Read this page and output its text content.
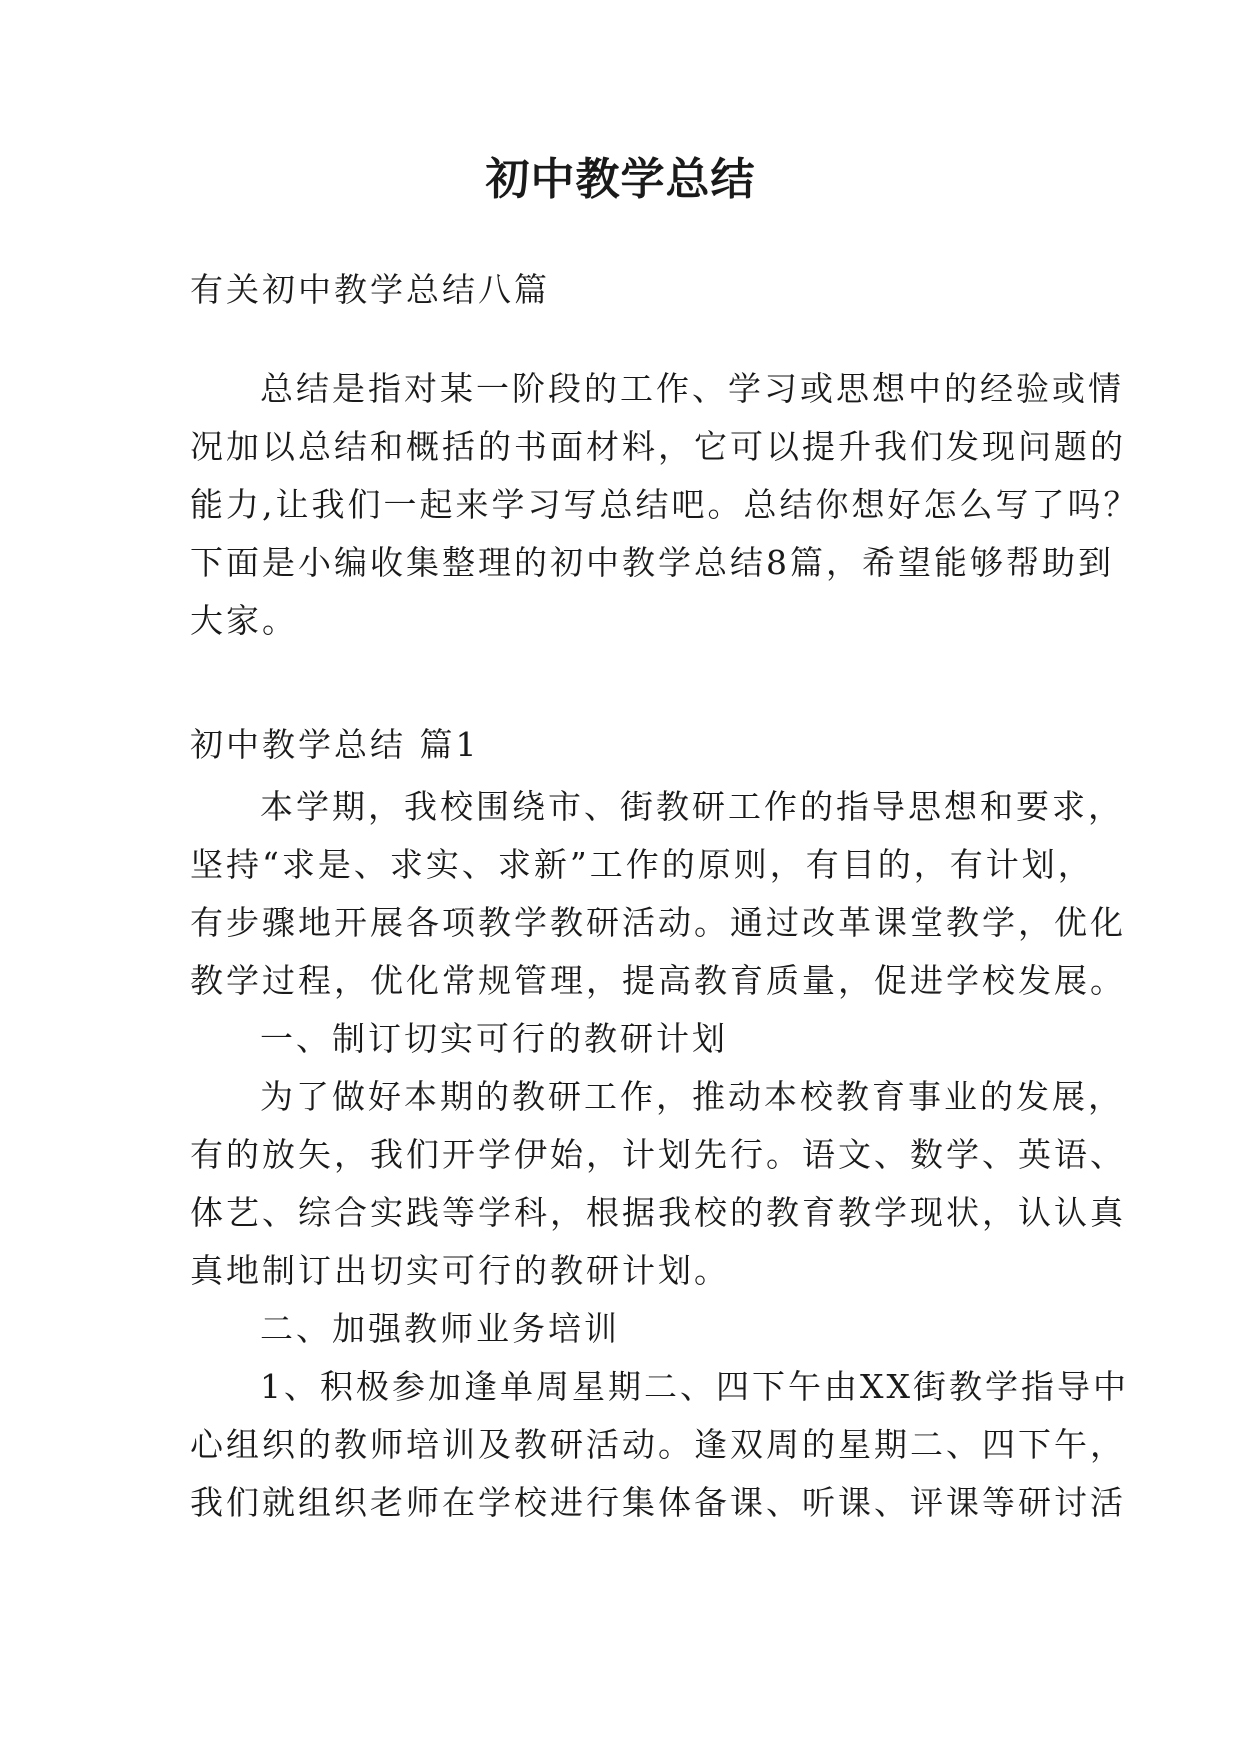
初中教学总结

有关初中教学总结八篇

总结是指对某一阶段的工作、学习或思想中的经验或情
况加以总结和概括的书面材料，它可以提升我们发现问题的
能力,让我们一起来学习写总结吧。总结你想好怎么写了吗？
下面是小编收集整理的初中教学总结8篇，希望能够帮助到
大家。

初中教学总结 篇1

本学期，我校围绕市、街教研工作的指导思想和要求，
坚持“求是、求实、求新”工作的原则，有目的，有计划，
有步骤地开展各项教学教研活动。通过改革课堂教学，优化
教学过程，优化常规管理，提高教育质量，促进学校发展。
一、制订切实可行的教研计划
为了做好本期的教研工作，推动本校教育事业的发展，
有的放矢，我们开学伊始，计划先行。语文、数学、英语、
体艺、综合实践等学科，根据我校的教育教学现状，认认真
真地制订出切实可行的教研计划。
二、加强教师业务培训
1、积极参加逢单周星期二、四下午由XX街教学指导中
心组织的教师培训及教研活动。逢双周的星期二、四下午，
我们就组织老师在学校进行集体备课、听课、评课等研讨活
